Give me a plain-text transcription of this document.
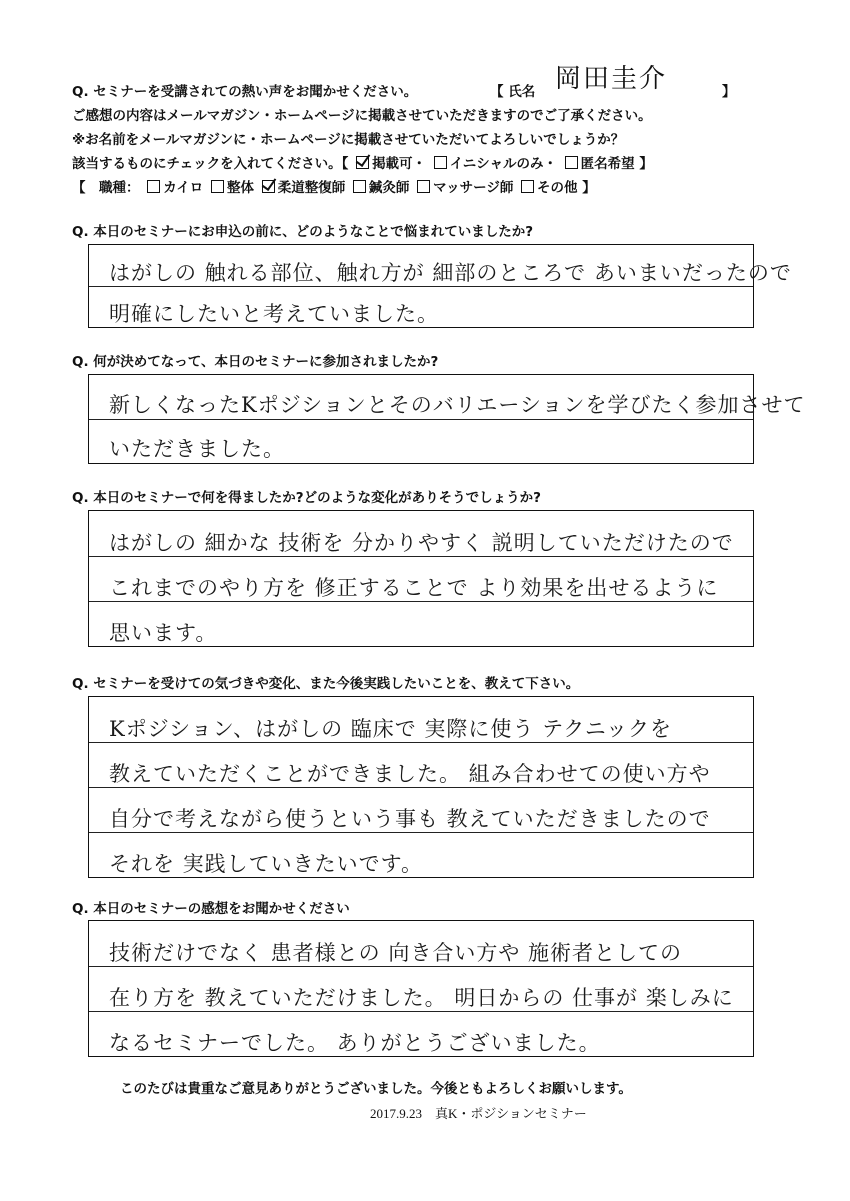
Q. セミナーを受講されての熱い声をお聞かせください。	【 氏名 岡田圭介	】
ご感想の内容はメールマガジン・ホームページに掲載させていただきますのでご了承ください。
※お名前をメールマガジンに・ホームページに掲載させていただいてよろしいでしょうか？
該当するものにチェックを入れてください。【 掲載可・ イニシャルのみ・ 匿名希望 】
【　職種： カイロ 整体 柔道整復師 鍼灸師 マッサージ師 その他 】
Q. 本日のセミナーにお申込の前に、どのようなことで悩まれていましたか?
はがしの 触れる部位、触れ方が 細部のところで あいまいだったので
明確にしたいと考えていました。
Q. 何が決めてなって、本日のセミナーに参加されましたか?
新しくなったKポジションとそのバリエーションを学びたく参加させて
いただきました。
Q. 本日のセミナーで何を得ましたか?どのような変化がありそうでしょうか?
はがしの 細かな 技術を 分かりやすく 説明していただけたので
これまでのやり方を 修正することで より効果を出せるように
思います。
Q. セミナーを受けての気づきや変化、また今後実践したいことを、教えて下さい。
Kポジション、はがしの 臨床で 実際に使う テクニックを
教えていただくことができました。 組み合わせての使い方や
自分で考えながら使うという事も 教えていただきましたので
それを 実践していきたいです。
Q. 本日のセミナーの感想をお聞かせください
技術だけでなく 患者様との 向き合い方や 施術者としての
在り方を 教えていただけました。 明日からの 仕事が 楽しみに
なるセミナーでした。 ありがとうございました。
このたびは貴重なご意見ありがとうございました。今後ともよろしくお願いします。
2017.9.23　真K・ポジションセミナー
